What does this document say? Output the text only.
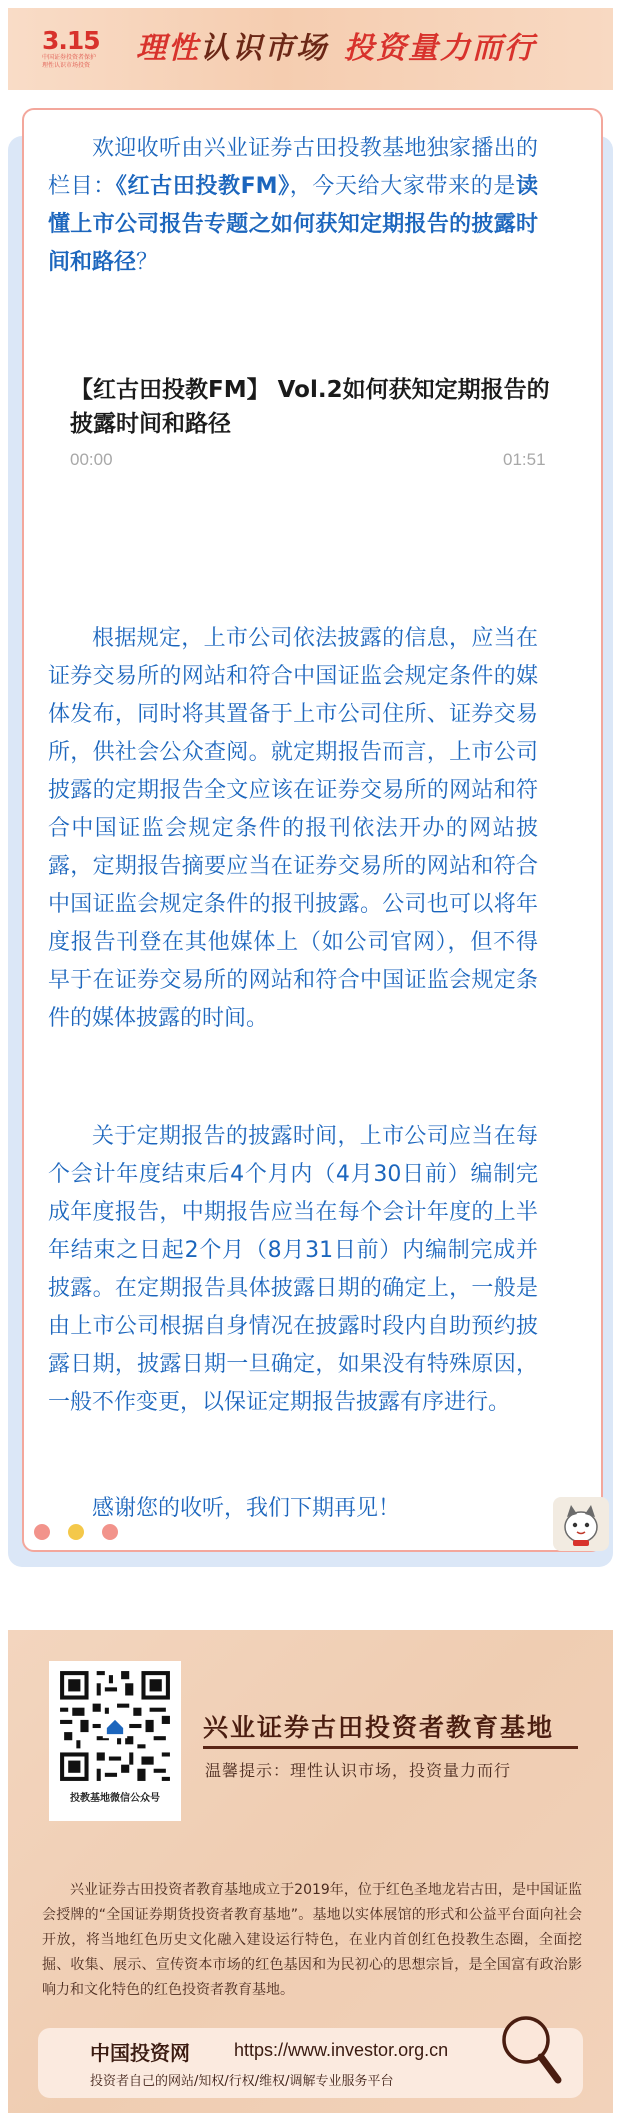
3.15
中国证券投资者保护
理性认识市场投资	理性认识市场 投资量力而行
欢迎收听由兴业证券古田投教基地独家播出的栏目：《红古田投教FM》，今天给大家带来的是读懂上市公司报告专题之如何获知定期报告的披露时间和路径？
【红古田投教FM】 Vol.2如何获知定期报告的披露时间和路径
00:00	01:51
根据规定，上市公司依法披露的信息，应当在证券交易所的网站和符合中国证监会规定条件的媒体发布，同时将其置备于上市公司住所、证券交易所，供社会公众查阅。就定期报告而言，上市公司披露的定期报告全文应该在证券交易所的网站和符合中国证监会规定条件的报刊依法开办的网站披露，定期报告摘要应当在证券交易所的网站和符合中国证监会规定条件的报刊披露。公司也可以将年度报告刊登在其他媒体上（如公司官网），但不得早于在证券交易所的网站和符合中国证监会规定条件的媒体披露的时间。
关于定期报告的披露时间，上市公司应当在每个会计年度结束后4个月内（4月30日前）编制完成年度报告，中期报告应当在每个会计年度的上半年结束之日起2个月（8月31日前）内编制完成并披露。在定期报告具体披露日期的确定上，一般是由上市公司根据自身情况在披露时段内自助预约披露日期，披露日期一旦确定，如果没有特殊原因，一般不作变更，以保证定期报告披露有序进行。
感谢您的收听，我们下期再见！
投教基地微信公众号
兴业证券古田投资者教育基地
温馨提示：理性认识市场，投资量力而行
兴业证券古田投资者教育基地成立于2019年，位于红色圣地龙岩古田，是中国证监会授牌的“全国证券期货投资者教育基地”。基地以实体展馆的形式和公益平台面向社会开放，将当地红色历史文化融入建设运行特色，在业内首创红色投教生态圈，全面挖掘、收集、展示、宣传资本市场的红色基因和为民初心的思想宗旨，是全国富有政治影响力和文化特色的红色投资者教育基地。
中国投资网 https://www.investor.org.cn
投资者自己的网站/知权/行权/维权/调解专业服务平台
